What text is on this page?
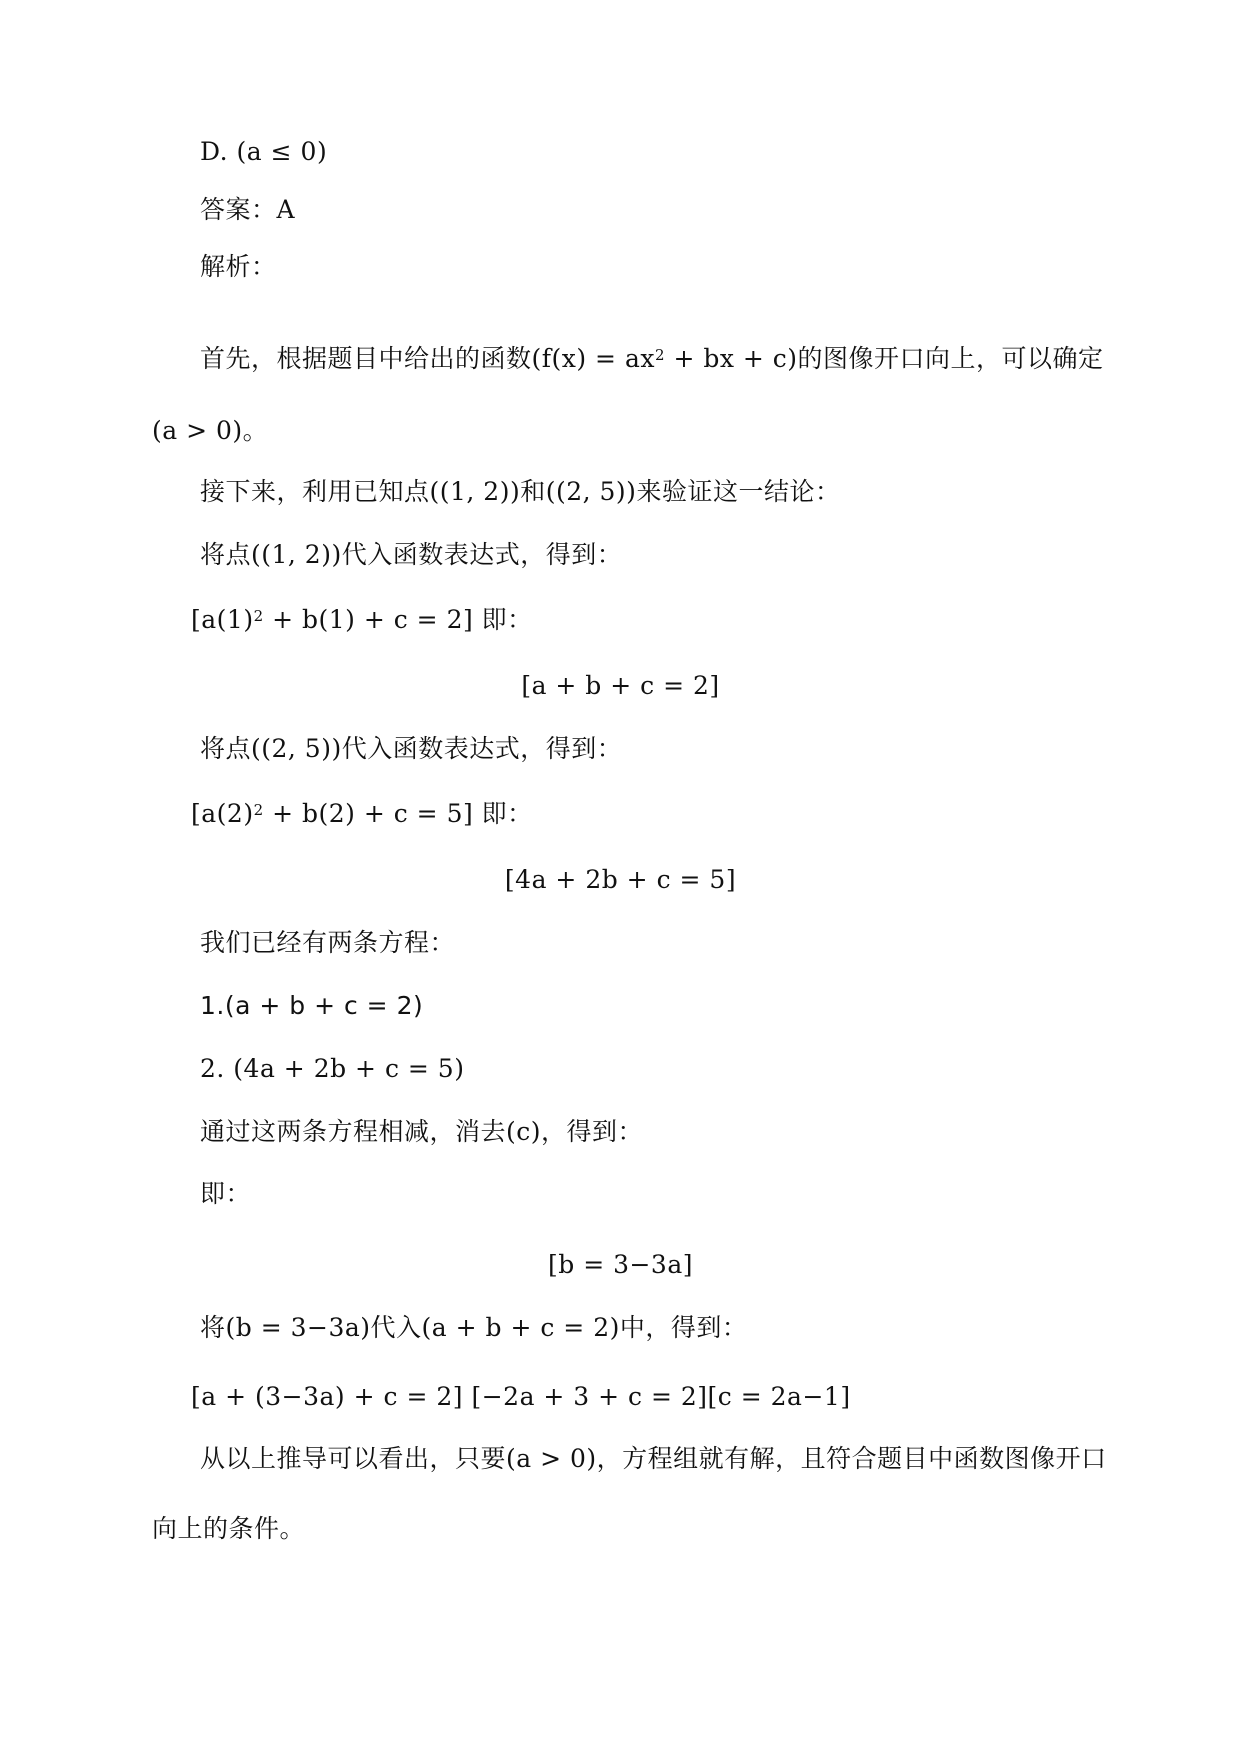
D. (a ≤ 0)
答案：A
解析：
首先，根据题目中给出的函数($f(x) = ax^2$ + bx + c)的图像开口向上，可以确定
(a > 0)。
接下来，利用已知点((1, 2))和((2, 5))来验证这一结论：
将点((1, 2))代入函数表达式，得到：
$[a(1)^2 + b(1) + c = 2]$ 即：
[a + b + c = 2]
将点((2, 5))代入函数表达式，得到：
$[a(2)^2 + b(2) + c = 5]$ 即：
[4a + 2b + c = 5]
我们已经有两条方程：
1.(a + b + c = 2)
2. (4a + 2b + c = 5)
通过这两条方程相减，消去(c)，得到：
即：
[b = 3−3a]
将(b = 3−3a)代入(a + b + c = 2)中，得到：
[a + (3−3a) + c = 2] [−2a + 3 + c = 2][c = 2a−1]
从以上推导可以看出，只要(a > 0)，方程组就有解，且符合题目中函数图像开口
向上的条件。
